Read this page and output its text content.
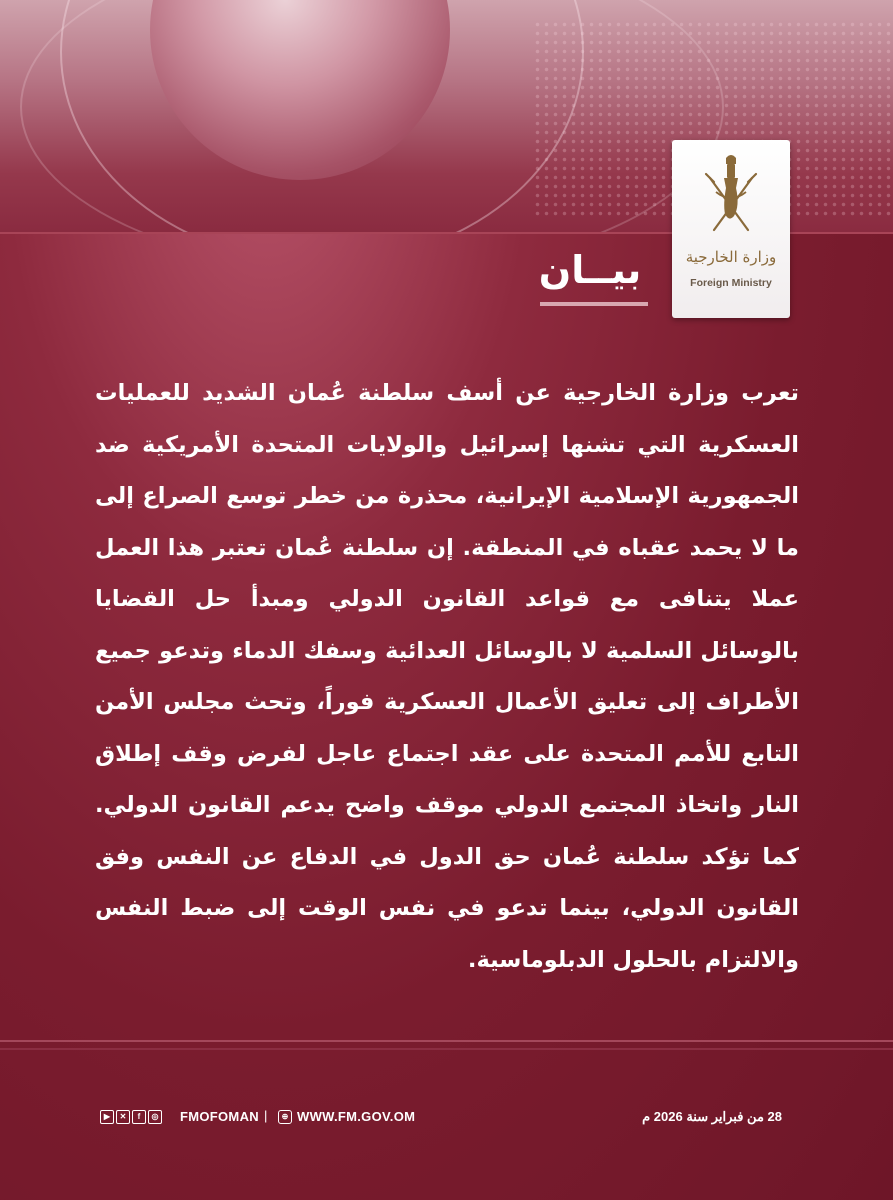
وزارة الخارجية
Foreign Ministry
بيــان
تعرب وزارة الخارجية عن أسف سلطنة عُمان الشديد للعمليات العسكرية التي تشنها إسرائيل والولايات المتحدة الأمريكية ضد الجمهورية الإسلامية الإيرانية، محذرة من خطر توسع الصراع إلى ما لا يحمد عقباه في المنطقة. إن سلطنة عُمان تعتبر هذا العمل عملا يتنافى مع قواعد القانون الدولي ومبدأ حل القضايا بالوسائل السلمية لا بالوسائل العدائية وسفك الدماء وتدعو جميع الأطراف إلى تعليق الأعمال العسكرية فوراً، وتحث مجلس الأمن التابع للأمم المتحدة على عقد اجتماع عاجل لفرض وقف إطلاق النار واتخاذ المجتمع الدولي موقف واضح يدعم القانون الدولي. كما تؤكد سلطنة عُمان حق الدول في الدفاع عن النفس وفق القانون الدولي، بينما تدعو في نفس الوقت إلى ضبط النفس والالتزام بالحلول الدبلوماسية.
▶	✕	f	◎ FMOFOMAN |	⊕ WWW.FM.GOV.OM	28 من فبراير سنة 2026 م
